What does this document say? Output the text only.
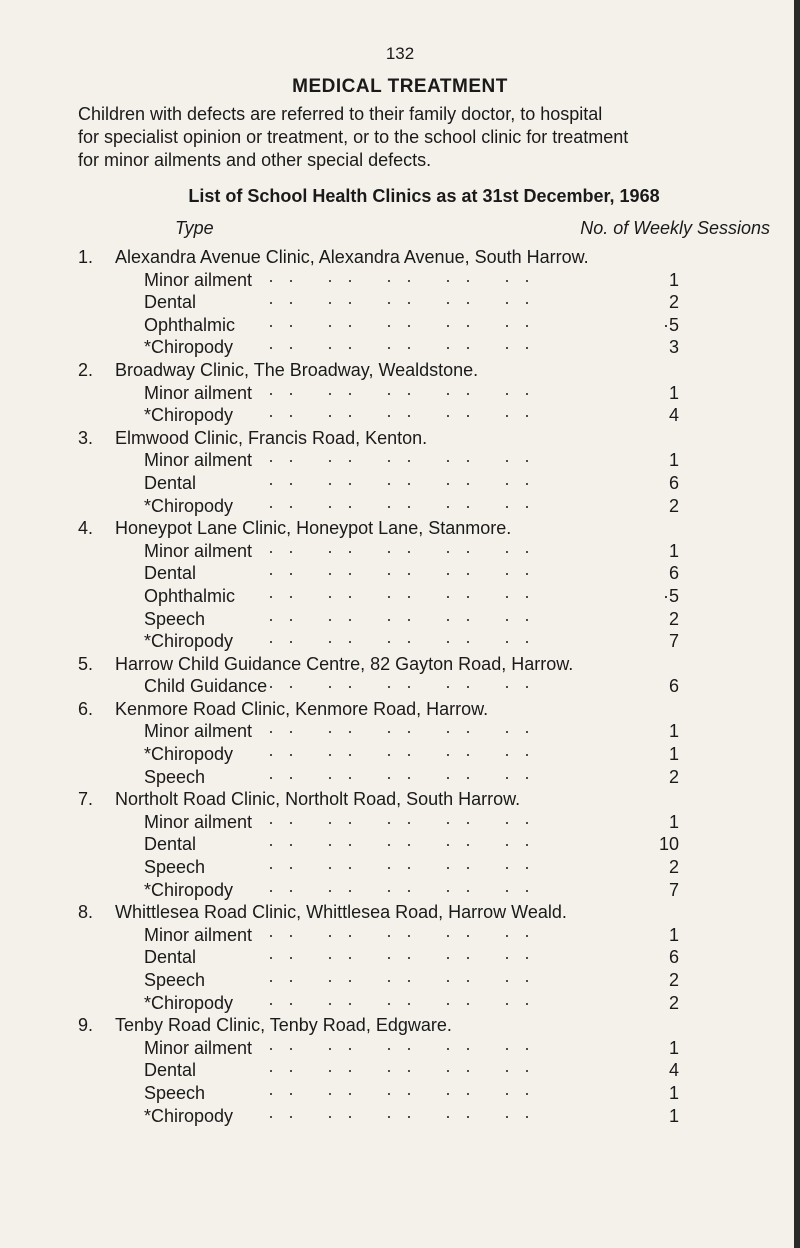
132
MEDICAL TREATMENT
Children with defects are referred to their family doctor, to hospital
for specialist opinion or treatment, or to the school clinic for treatment
for minor ailments and other special defects.
List of School Health Clinics as at 31st December, 1968
Type	No. of Weekly Sessions
1. Alexandra Avenue Clinic, Alexandra Avenue, South Harrow.
Minor ailment ·· ·· ·· ·· ··	1
Dental	·· ·· ·· ·· ··	2
Ophthalmic ·· ·· ·· ·· ··	·5
*Chiropody ·· ·· ·· ·· ··	3
2. Broadway Clinic, The Broadway, Wealdstone.
Minor ailment ·· ·· ·· ·· ··	1
*Chiropody ·· ·· ·· ·· ··	4
3. Elmwood Clinic, Francis Road, Kenton.
Minor ailment ·· ·· ·· ·· ··	1
Dental	·· ·· ·· ·· ··	6
*Chiropody ·· ·· ·· ·· ··	2
4. Honeypot Lane Clinic, Honeypot Lane, Stanmore.
Minor ailment ·· ·· ·· ·· ··	1
Dental	·· ·· ·· ·· ··	6
Ophthalmic ·· ·· ·· ·· ··	·5
Speech	·· ·· ·· ·· ··	2
*Chiropody ·· ·· ·· ·· ··	7
5. Harrow Child Guidance Centre, 82 Gayton Road, Harrow.
Child Guidance ·· ·· ·· ·· ··	6
6. Kenmore Road Clinic, Kenmore Road, Harrow.
Minor ailment ·· ·· ·· ·· ··	1
*Chiropody ·· ·· ·· ·· ··	1
Speech	·· ·· ·· ·· ··	2
7. Northolt Road Clinic, Northolt Road, South Harrow.
Minor ailment ·· ·· ·· ·· ··	1
Dental	·· ·· ·· ·· ··	10
Speech	·· ·· ·· ·· ··	2
*Chiropody ·· ·· ·· ·· ··	7
8. Whittlesea Road Clinic, Whittlesea Road, Harrow Weald.
Minor ailment ·· ·· ·· ·· ··	1
Dental	·· ·· ·· ·· ··	6
Speech	·· ·· ·· ·· ··	2
*Chiropody ·· ·· ·· ·· ··	2
9. Tenby Road Clinic, Tenby Road, Edgware.
Minor ailment ·· ·· ·· ·· ··	1
Dental	·· ·· ·· ·· ··	4
Speech	·· ·· ·· ·· ··	1
*Chiropody ·· ·· ·· ·· ··	1
